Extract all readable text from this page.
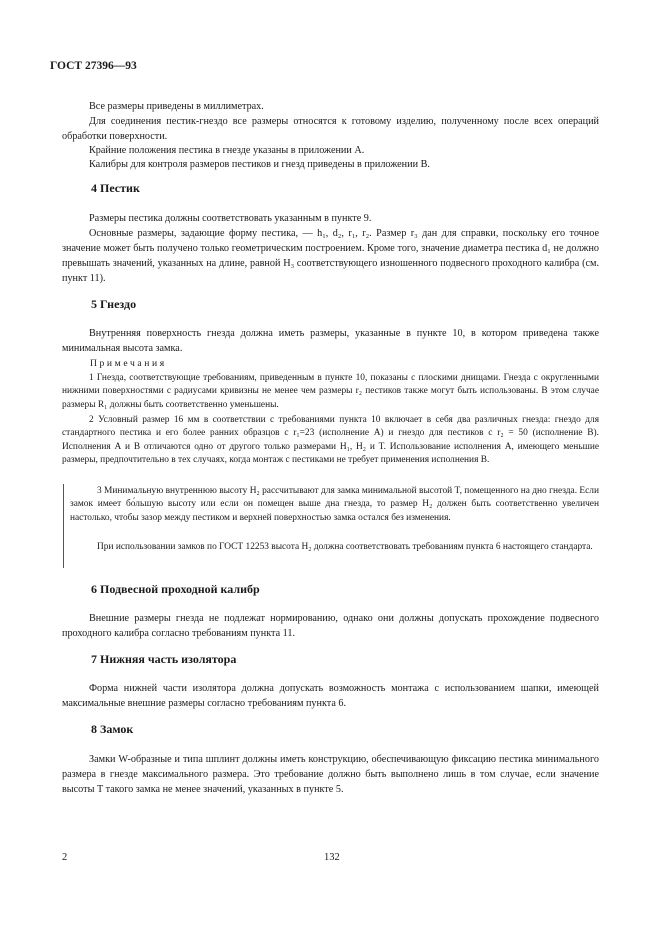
ГОСТ 27396—93

Все размеры приведены в миллиметрах.

Для соединения пестик-гнездо все размеры относятся к готовому изделию, полученному после всех операций обработки поверхности.

Крайние положения пестика в гнезде указаны в приложении А.

Калибры для контроля размеров пестиков и гнезд приведены в приложении В.

4 Пестик

Размеры пестика должны соответствовать указанным в пункте 9.

Основные размеры, задающие форму пестика, — h₁, d₂, r₁, r₂. Размер r₃ дан для справки, поскольку его точное значение может быть получено только геометрическим построением. Кроме того, значение диаметра пестика d₁ не должно превышать значений, указанных на длине, равной H₃ соответствующего изношенного подвесного проходного калибра (см. пункт 11).

5 Гнездо

Внутренняя поверхность гнезда должна иметь размеры, указанные в пункте 10, в котором приведена также минимальная высота замка.

Примечания

1 Гнезда, соответствующие требованиям, приведенным в пункте 10, показаны с плоскими днищами. Гнезда с округленными нижними поверхностями с радиусами кривизны не менее чем размеры r₂ пестиков также могут быть использованы. В этом случае размеры R₁ должны быть соответственно уменьшены.

2 Условный размер 16 мм в соответствии с требованиями пункта 10 включает в себя два различных гнезда: гнездо для стандартного пестика и его более ранних образцов с r₁=23 (исполнение А) и гнездо для пестиков с r₂ = 50 (исполнение В). Исполнения А и В отличаются одно от другого только размерами H₁, H₂ и T. Использование исполнения А, имеющего меньшие размеры, предпочтительно в тех случаях, когда монтаж с пестиками не требует применения исполнения В.

3 Минимальную внутреннюю высоту H₂ рассчитывают для замка минимальной высотой T, помещенного на дно гнезда. Если замок имеет бо́льшую высоту или если он помещен выше дна гнезда, то размер H₂ должен быть соответственно увеличен настолько, чтобы зазор между пестиком и верхней поверхностью замка остался без изменения.

При использовании замков по ГОСТ 12253 высота H₂ должна соответствовать требованиям пункта 6 настоящего стандарта.

6 Подвесной проходной калибр

Внешние размеры гнезда не подлежат нормированию, однако они должны допускать прохождение подвесного проходного калибра согласно требованиям пункта 11.

7 Нижняя часть изолятора

Форма нижней части изолятора должна допускать возможность монтажа с использованием шапки, имеющей максимальные внешние размеры согласно требованиям пункта 6.

8 Замок

Замки W-образные и типа шплинт должны иметь конструкцию, обеспечивающую фиксацию пестика минимального размера в гнезде максимального размера. Это требование должно быть выполнено лишь в том случае, если значение высоты T такого замка не менее значений, указанных в пункте 5.

2	132
